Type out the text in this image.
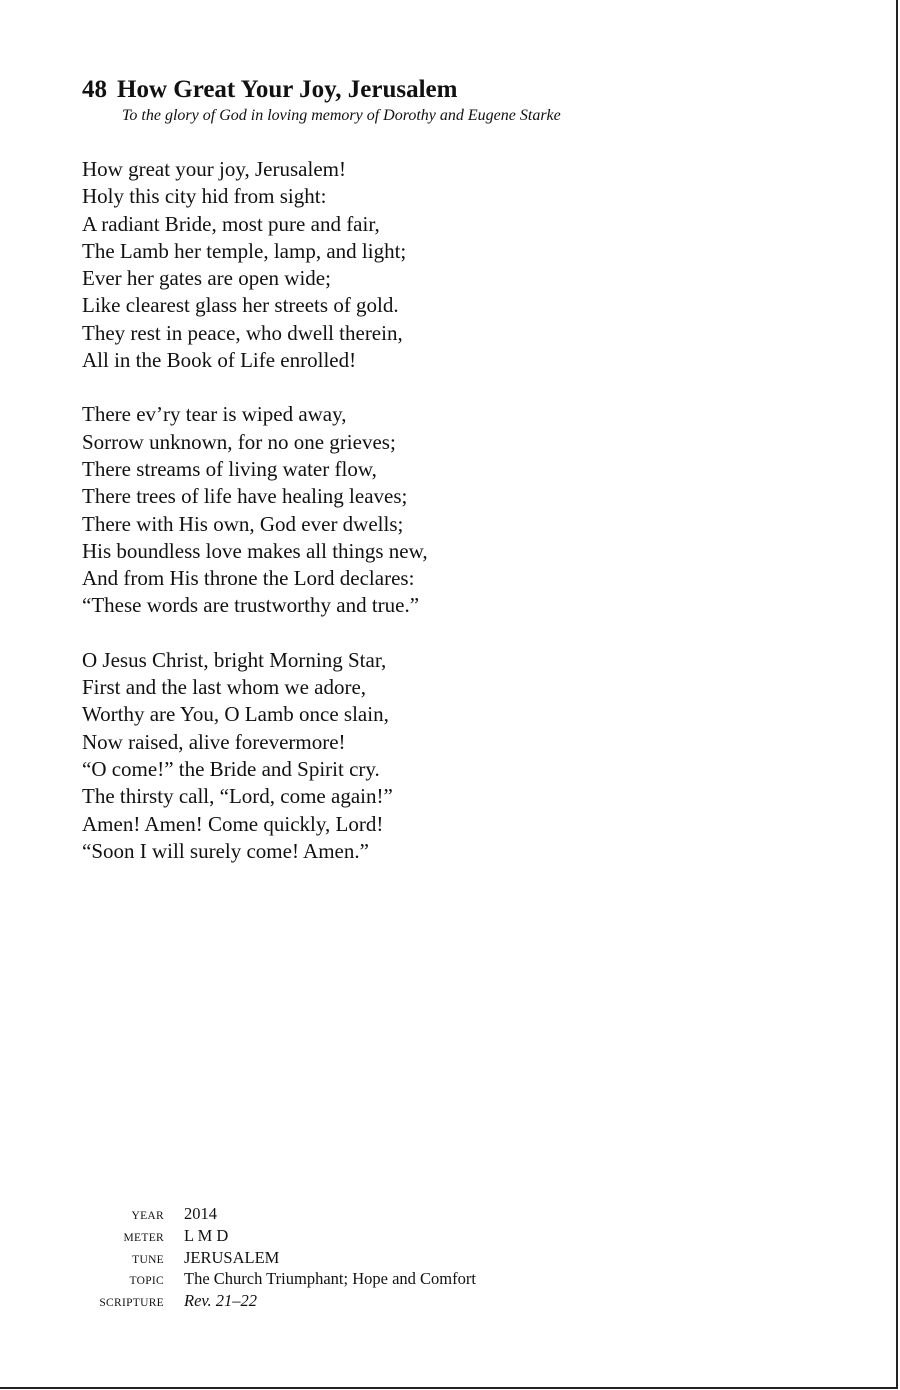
48 How Great Your Joy, Jerusalem
To the glory of God in loving memory of Dorothy and Eugene Starke
How great your joy, Jerusalem!
Holy this city hid from sight:
A radiant Bride, most pure and fair,
The Lamb her temple, lamp, and light;
Ever her gates are open wide;
Like clearest glass her streets of gold.
They rest in peace, who dwell therein,
All in the Book of Life enrolled!
There ev’ry tear is wiped away,
Sorrow unknown, for no one grieves;
There streams of living water flow,
There trees of life have healing leaves;
There with His own, God ever dwells;
His boundless love makes all things new,
And from His throne the Lord declares:
“These words are trustworthy and true.”
O Jesus Christ, bright Morning Star,
First and the last whom we adore,
Worthy are You, O Lamb once slain,
Now raised, alive forevermore!
“O come!” the Bride and Spirit cry.
The thirsty call, “Lord, come again!”
Amen! Amen! Come quickly, Lord!
“Soon I will surely come! Amen.”
YEAR	2014
METER	L M D
TUNE	JERUSALEM
TOPIC	The Church Triumphant; Hope and Comfort
SCRIPTURE	Rev. 21–22
